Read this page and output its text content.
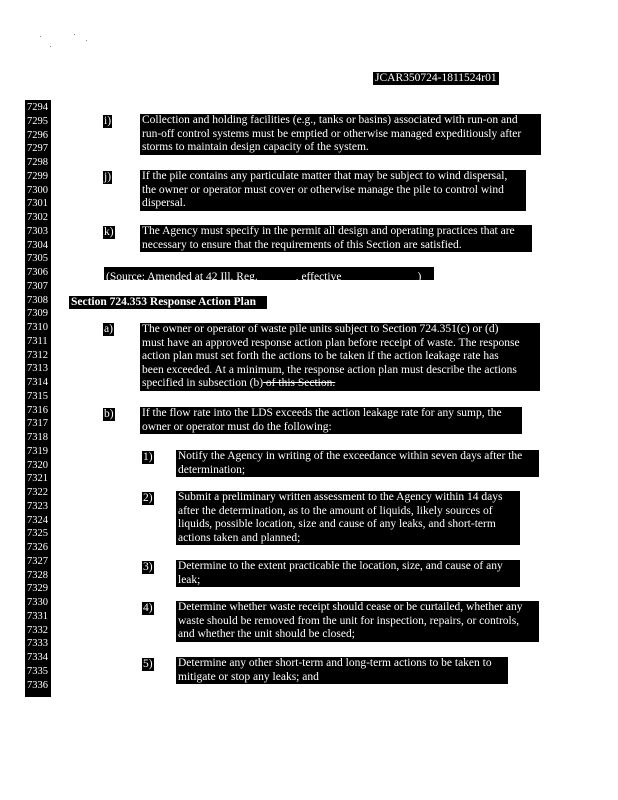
JCAR350724-1811524r01
7294
7295
7296
7297
7298
7299
7300
7301
7302
7303
7304
7305
7306
7307
7308
7309
7310
7311
7312
7313
7314
7315
7316
7317
7318
7319
7320
7321
7322
7323
7324
7325
7326
7327
7328
7329
7330
7331
7332
7333
7334
7335
7336
i)	Collection and holding facilities (e.g., tanks or basins) associated with run-on and
run-off control systems must be emptied or otherwise managed expeditiously after
storms to maintain design capacity of the system.
j)	If the pile contains any particulate matter that may be subject to wind dispersal,
the owner or operator must cover or otherwise manage the pile to control wind
dispersal.
k) The Agency must specify in the permit all design and operating practices that are
necessary to ensure that the requirements of this Section are satisfied.
(Source: Amended at 42 Ill. Reg.	, effective	)
Section 724.353 Response Action Plan
a)	The owner or operator of waste pile units subject to Section 724.351(c) or (d)
must have an approved response action plan before receipt of waste. The response
action plan must set forth the actions to be taken if the action leakage rate has
been exceeded. At a minimum, the response action plan must describe the actions
specified in subsection (b) of this Section.
b) If the flow rate into the LDS exceeds the action leakage rate for any sump, the
owner or operator must do the following:
1) Notify the Agency in writing of the exceedance within seven days after the
determination;
2) Submit a preliminary written assessment to the Agency within 14 days
after the determination, as to the amount of liquids, likely sources of
liquids, possible location, size and cause of any leaks, and short-term
actions taken and planned;
3) Determine to the extent practicable the location, size, and cause of any
leak;
4) Determine whether waste receipt should cease or be curtailed, whether any
waste should be removed from the unit for inspection, repairs, or controls,
and whether the unit should be closed;
5) Determine any other short-term and long-term actions to be taken to
mitigate or stop any leaks; and
